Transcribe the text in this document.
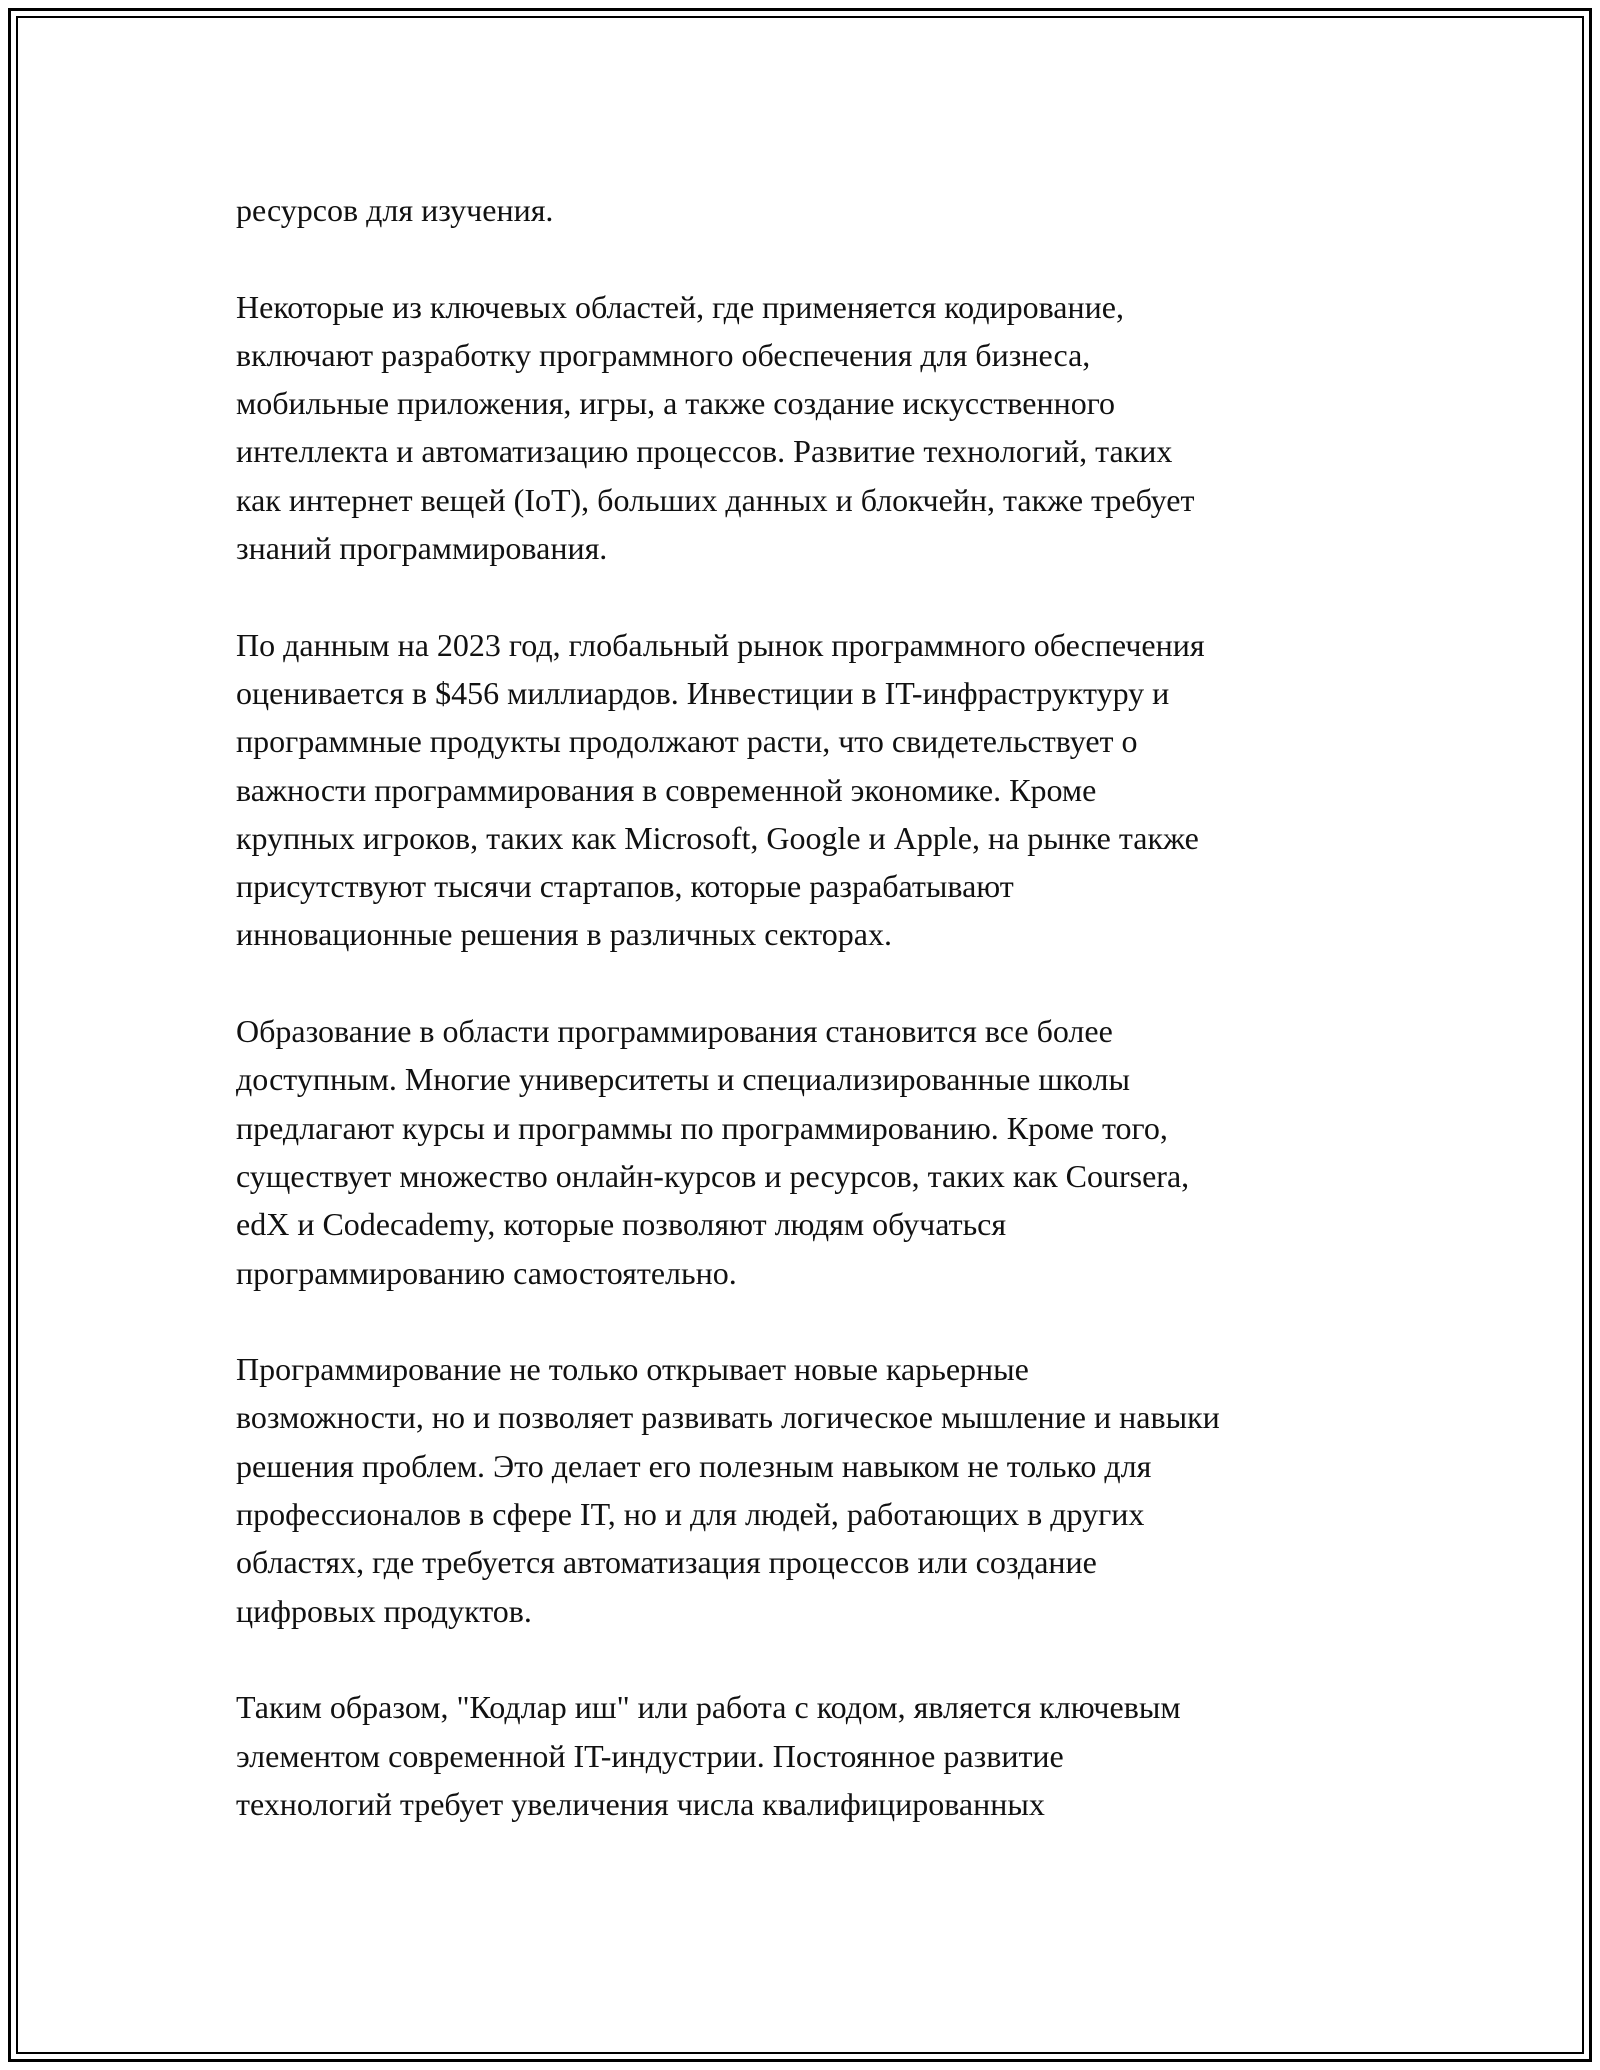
ресурсов для изучения.

Некоторые из ключевых областей, где применяется кодирование,
включают разработку программного обеспечения для бизнеса,
мобильные приложения, игры, а также создание искусственного
интеллекта и автоматизацию процессов. Развитие технологий, таких
как интернет вещей (IoT), больших данных и блокчейн, также требует
знаний программирования.

По данным на 2023 год, глобальный рынок программного обеспечения
оценивается в $456 миллиардов. Инвестиции в IT-инфраструктуру и
программные продукты продолжают расти, что свидетельствует о
важности программирования в современной экономике. Кроме
крупных игроков, таких как Microsoft, Google и Apple, на рынке также
присутствуют тысячи стартапов, которые разрабатывают
инновационные решения в различных секторах.

Образование в области программирования становится все более
доступным. Многие университеты и специализированные школы
предлагают курсы и программы по программированию. Кроме того,
существует множество онлайн-курсов и ресурсов, таких как Coursera,
edX и Codecademy, которые позволяют людям обучаться
программированию самостоятельно.

Программирование не только открывает новые карьерные
возможности, но и позволяет развивать логическое мышление и навыки
решения проблем. Это делает его полезным навыком не только для
профессионалов в сфере IT, но и для людей, работающих в других
областях, где требуется автоматизация процессов или создание
цифровых продуктов.

Таким образом, "Кодлар иш" или работа с кодом, является ключевым
элементом современной IT-индустрии. Постоянное развитие
технологий требует увеличения числа квалифицированных
